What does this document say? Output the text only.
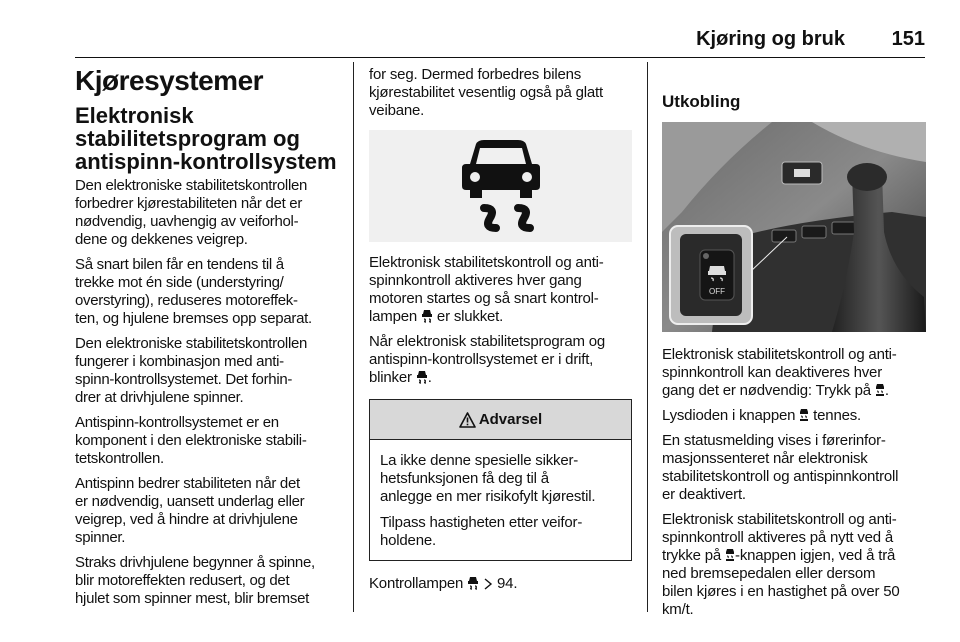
Kjøring og bruk 151
Kjøresystemer
Elektronisk
stabilitetsprogram og
antispinn-kontrollsystem

Den elektroniske stabilitetskontrollen
forbedrer kjørestabiliteten når det er
nødvendig, uavhengig av veiforhol-
dene og dekkenes veigrep.

Så snart bilen får en tendens til å
trekke mot én side (understyring/
overstyring), reduseres motoreffek-
ten, og hjulene bremses opp separat.

Den elektroniske stabilitetskontrollen
fungerer i kombinasjon med anti-
spinn-kontrollsystemet. Det forhin-
drer at drivhjulene spinner.

Antispinn-kontrollsystemet er en
komponent i den elektroniske stabili-
tetskontrollen.

Antispinn bedrer stabiliteten når det
er nødvendig, uansett underlag eller
veigrep, ved å hindre at drivhjulene
spinner.

Straks drivhjulene begynner å spinne,
blir motoreffekten redusert, og det
hjulet som spinner mest, blir bremset

for seg. Dermed forbedres bilens
kjørestabilitet vesentlig også på glatt
veibane.

Elektronisk stabilitetskontroll og anti-
spinnkontroll aktiveres hver gang
motoren startes og så snart kontrol-
lampen  er slukket.

Når elektronisk stabilitetsprogram og
antispinn-kontrollsystemet er i drift,
blinker .

Advarsel

La ikke denne spesielle sikker-
hetsfunksjonen få deg til å
anlegge en mer risikofylt kjørestil.

Tilpass hastigheten etter veifor-
holdene.

Kontrollampen   94.

Utkobling
OFF

Elektronisk stabilitetskontroll og anti-
spinnkontroll kan deaktiveres hver
gang det er nødvendig: Trykk på .

Lysdioden i knappen  tennes.

En statusmelding vises i førerinfor-
masjonssenteret når elektronisk
stabilitetskontroll og antispinnkontroll
er deaktivert.

Elektronisk stabilitetskontroll og anti-
spinnkontroll aktiveres på nytt ved å
trykke på -knappen igjen, ved å trå
ned bremsepedalen eller dersom
bilen kjøres i en hastighet på over 50
km/t.
